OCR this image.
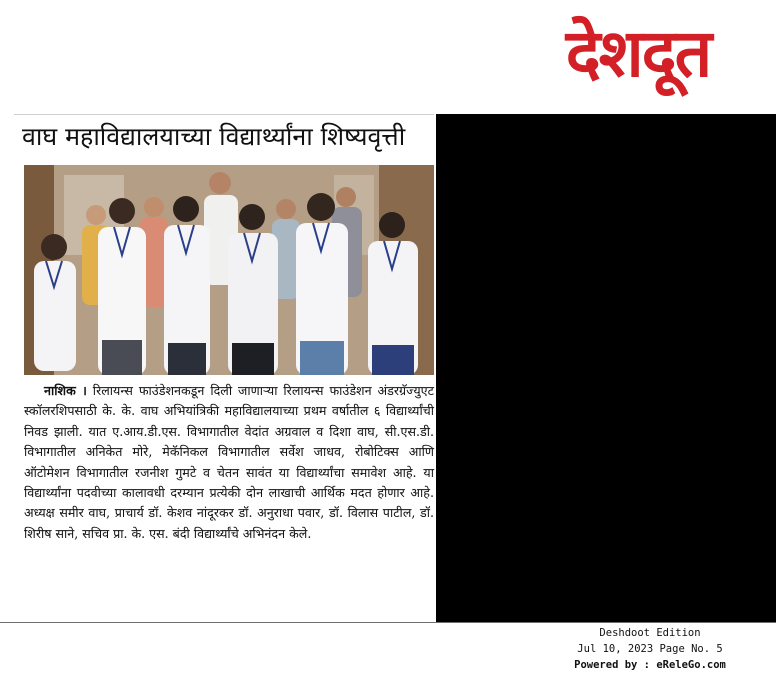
देशदूत
वाघ महाविद्यालयाच्या विद्यार्थ्यांना शिष्यवृत्ती

नाशिक । रिलायन्स फाउंडेशनकडून दिली जाणाऱ्या रिलायन्स फाउंडेशन अंडरग्रॅज्युएट स्कॉलरशिपसाठी के. के. वाघ अभियांत्रिकी महाविद्यालयाच्या प्रथम वर्षातील ६ विद्यार्थ्यांची निवड झाली. यात ए.आय.डी.एस. विभागातील वेदांत अग्रवाल व दिशा वाघ, सी.एस.डी. विभागातील अनिकेत मोरे, मेकॅनिकल विभागातील सर्वेश जाधव, रोबोटिक्स आणि ऑटोमेशन विभागातील रजनीश गुमटे व चेतन सावंत या विद्यार्थ्यांचा समावेश आहे. या विद्यार्थ्यांना पदवीच्या कालावधी दरम्यान प्रत्येकी दोन लाखाची आर्थिक मदत होणार आहे. अध्यक्ष समीर वाघ, प्राचार्य डॉ. केशव नांदूरकर डॉ. अनुराधा पवार, डॉ. विलास पाटील, डॉ. शिरीष साने, सचिव प्रा. के. एस. बंदी विद्यार्थ्यांचे अभिनंदन केले.

Deshdoot Edition
Jul 10, 2023 Page No. 5
Powered by : eReleGo.com
